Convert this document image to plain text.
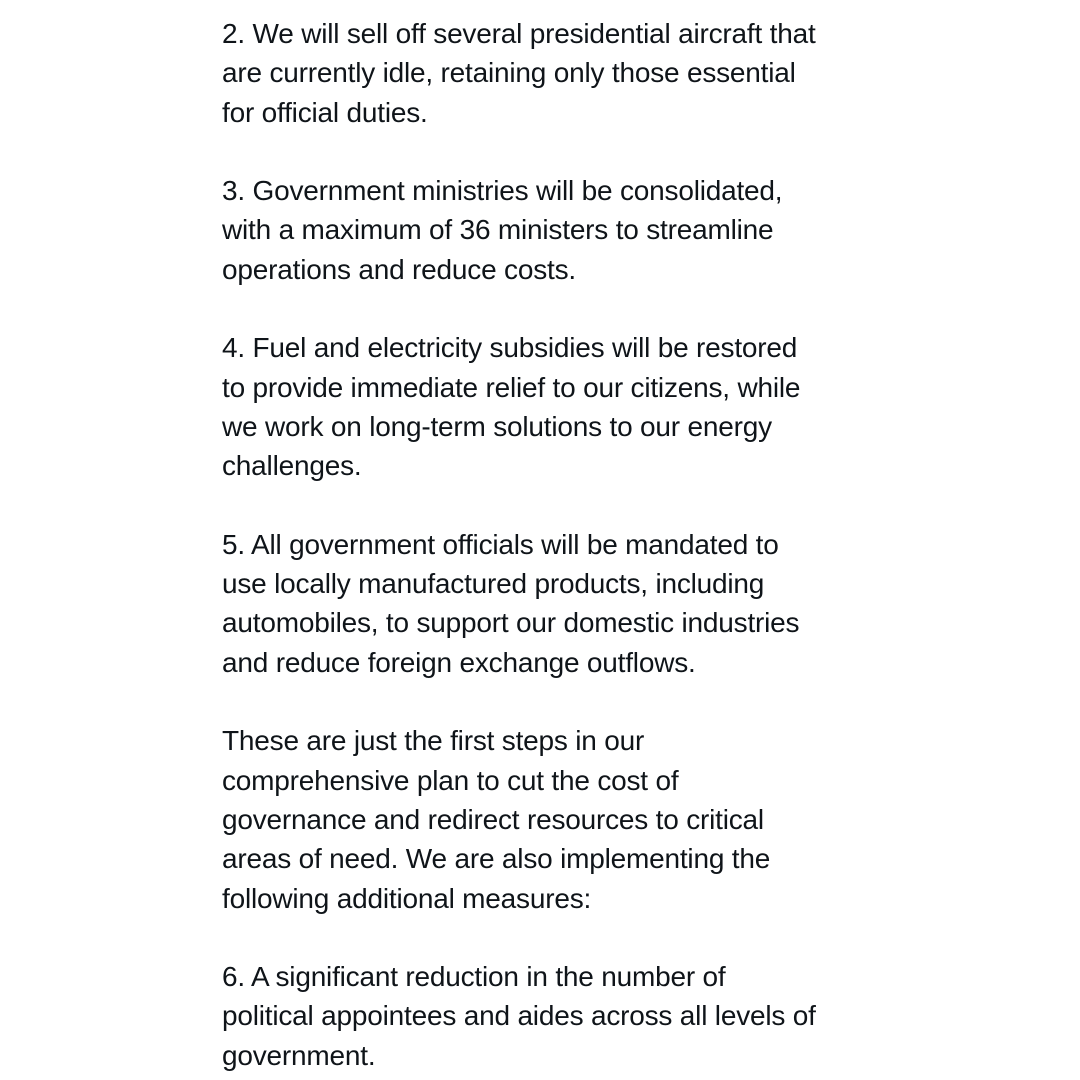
2. We will sell off several presidential aircraft that
are currently idle, retaining only those essential
for official duties.

3. Government ministries will be consolidated,
with a maximum of 36 ministers to streamline
operations and reduce costs.

4. Fuel and electricity subsidies will be restored
to provide immediate relief to our citizens, while
we work on long-term solutions to our energy
challenges.

5. All government officials will be mandated to
use locally manufactured products, including
automobiles, to support our domestic industries
and reduce foreign exchange outflows.

These are just the first steps in our
comprehensive plan to cut the cost of
governance and redirect resources to critical
areas of need. We are also implementing the
following additional measures:

6. A significant reduction in the number of
political appointees and aides across all levels of
government.
